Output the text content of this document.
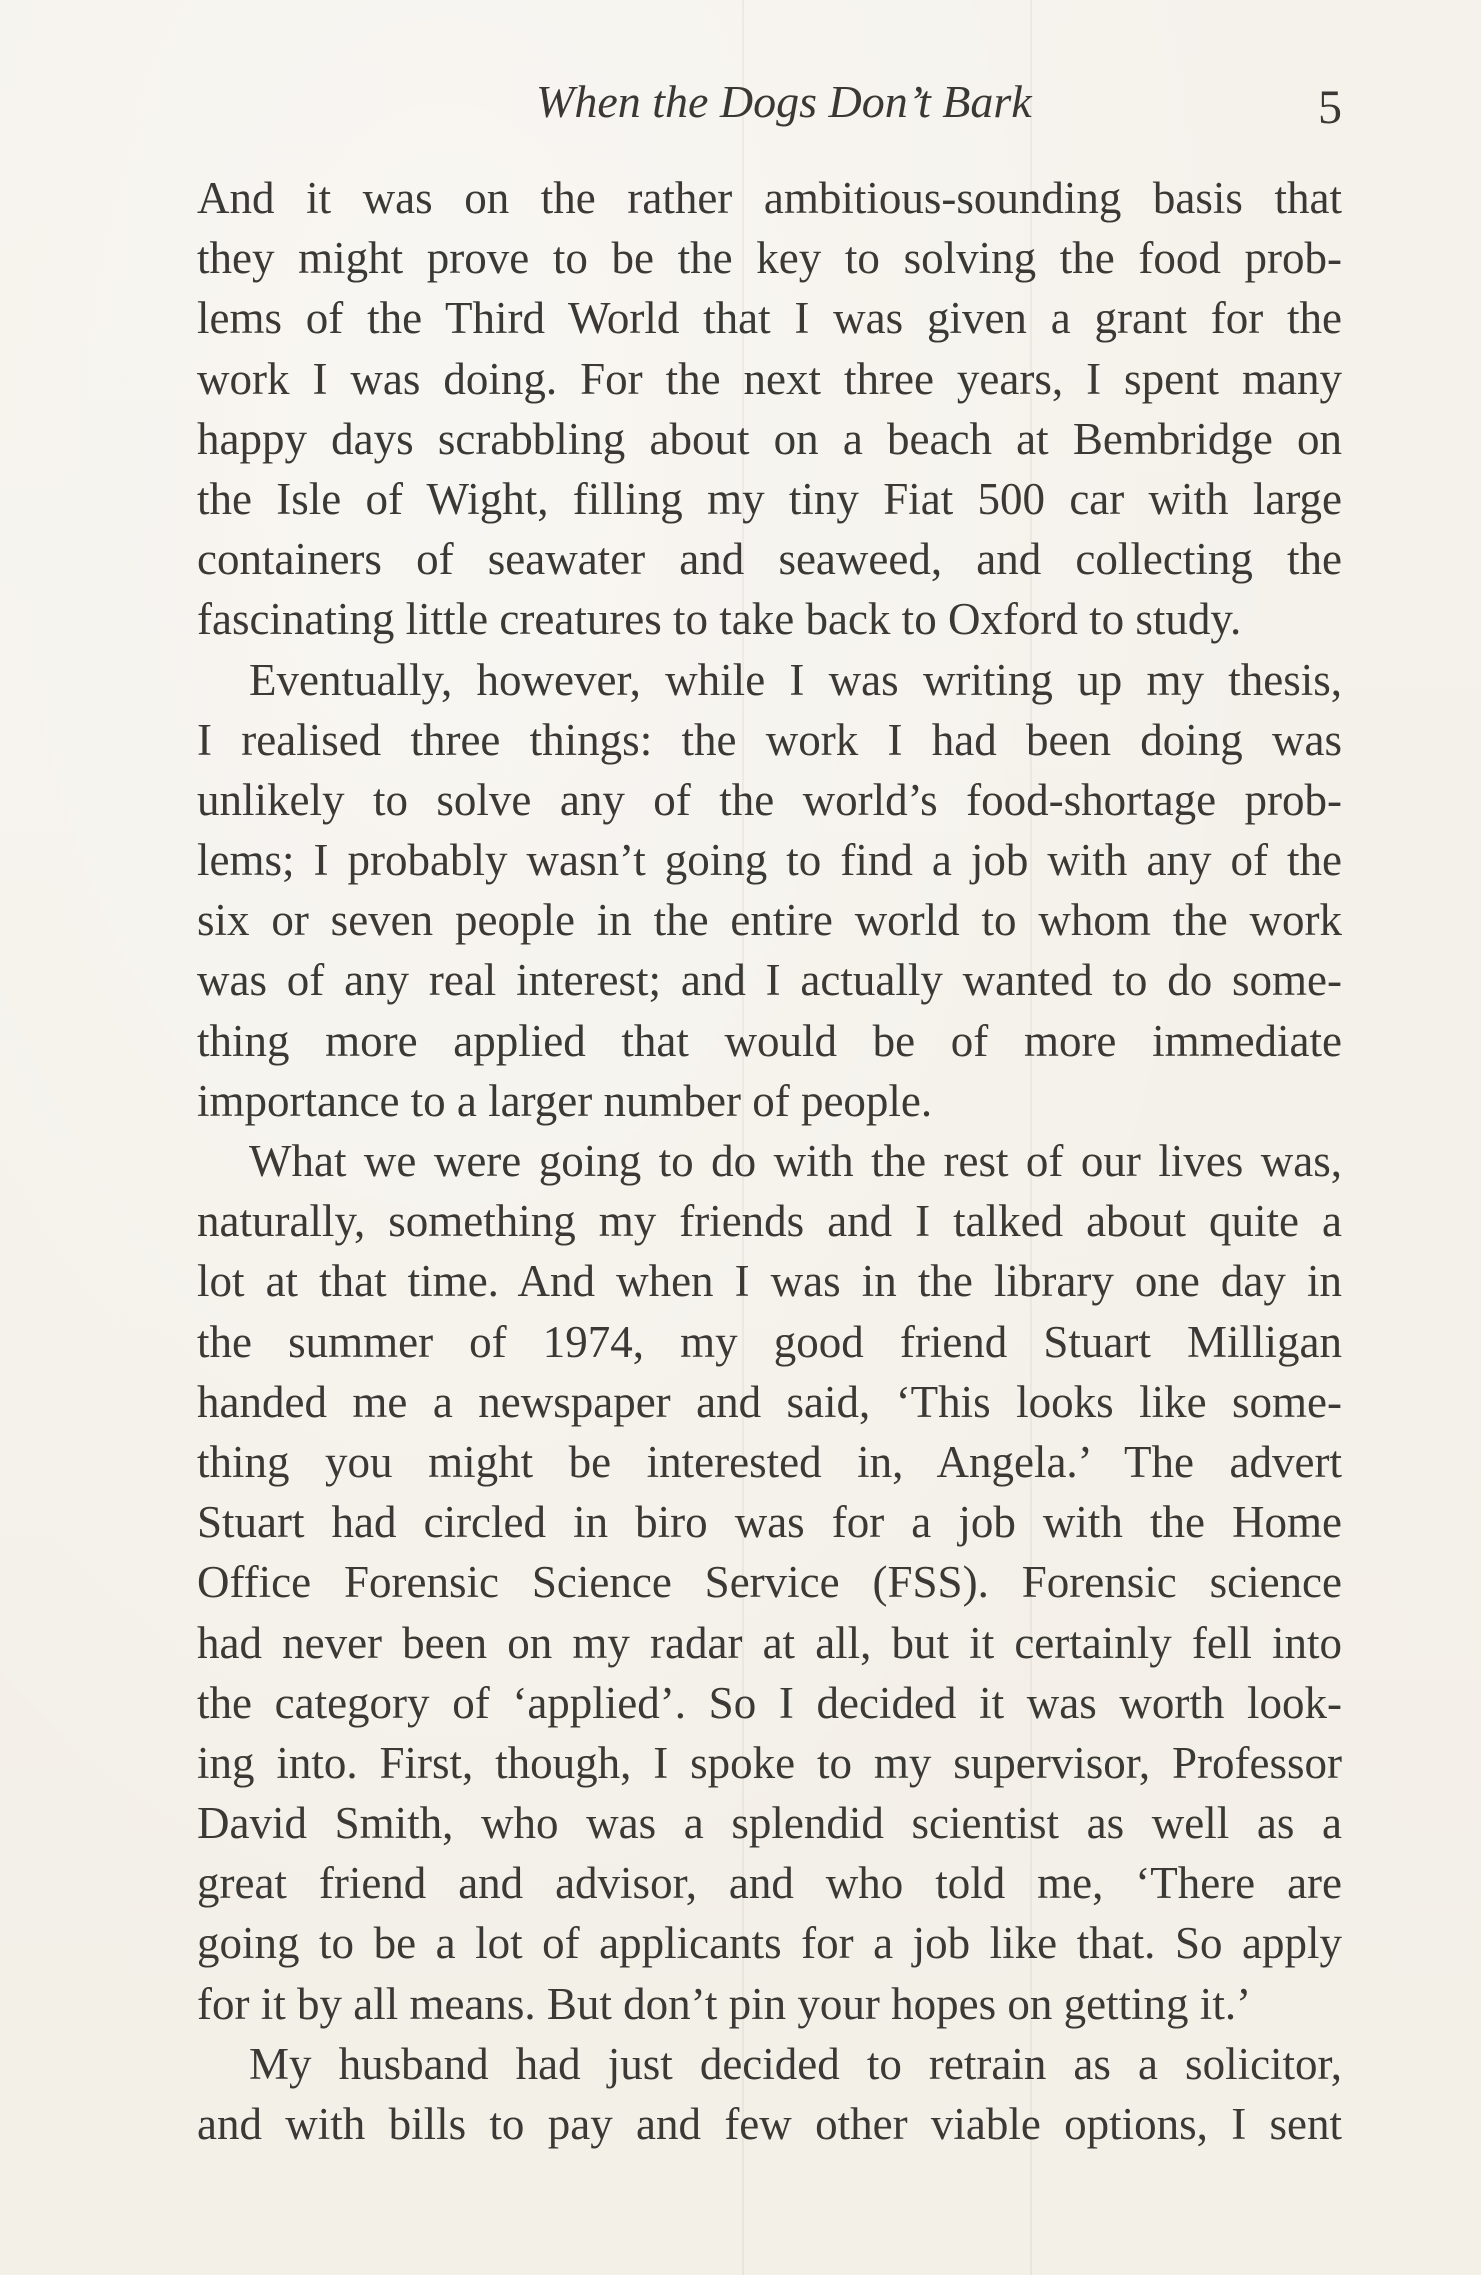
When the Dogs Don’t Bark	5
And it was on the rather ambitious-sounding basis that
they might prove to be the key to solving the food prob-
lems of the Third World that I was given a grant for the
work I was doing. For the next three years, I spent many
happy days scrabbling about on a beach at Bembridge on
the Isle of Wight, filling my tiny Fiat 500 car with large
containers of seawater and seaweed, and collecting the
fascinating little creatures to take back to Oxford to study.
Eventually, however, while I was writing up my thesis,
I realised three things: the work I had been doing was
unlikely to solve any of the world’s food-shortage prob-
lems; I probably wasn’t going to find a job with any of the
six or seven people in the entire world to whom the work
was of any real interest; and I actually wanted to do some-
thing more applied that would be of more immediate
importance to a larger number of people.
What we were going to do with the rest of our lives was,
naturally, something my friends and I talked about quite a
lot at that time. And when I was in the library one day in
the summer of 1974, my good friend Stuart Milligan
handed me a newspaper and said, ‘This looks like some-
thing you might be interested in, Angela.’ The advert
Stuart had circled in biro was for a job with the Home
Office Forensic Science Service (FSS). Forensic science
had never been on my radar at all, but it certainly fell into
the category of ‘applied’. So I decided it was worth look-
ing into. First, though, I spoke to my supervisor, Professor
David Smith, who was a splendid scientist as well as a
great friend and advisor, and who told me, ‘There are
going to be a lot of applicants for a job like that. So apply
for it by all means. But don’t pin your hopes on getting it.’
My husband had just decided to retrain as a solicitor,
and with bills to pay and few other viable options, I sent
